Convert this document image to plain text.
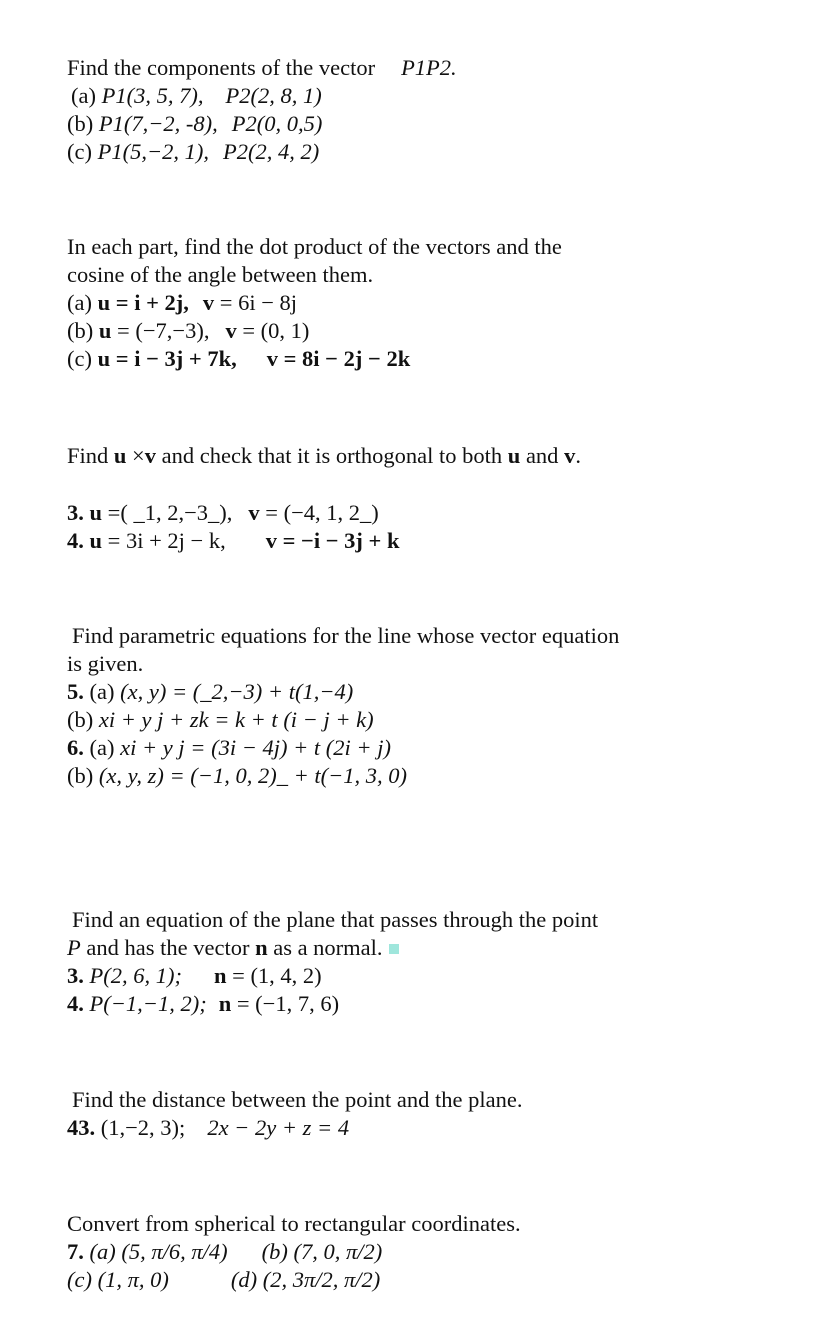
Find the components of the vector P1P2.
(a) P1(3, 5, 7), P2(2, 8, 1)
(b) P1(7,−2, -8), P2(0, 0,5)
(c) P1(5,−2, 1), P2(2, 4, 2)
In each part, find the dot product of the vectors and the
cosine of the angle between them.
(a) u = i + 2j, v = 6i − 8j
(b) u = (−7,−3), v = (0, 1)
(c) u = i − 3j + 7k, v = 8i − 2j − 2k
Find u ×v and check that it is orthogonal to both u and v.
3. u =( _1, 2,−3_), v = (−4, 1, 2_)
4. u = 3i + 2j − k, v = −i − 3j + k
Find parametric equations for the line whose vector equation
is given.
5. (a) (x, y) = (_2,−3) + t(1,−4)
(b) xi + y j + zk = k + t (i − j + k)
6. (a) xi + y j = (3i − 4j) + t (2i + j)
(b) (x, y, z) = (−1, 0, 2)_ + t(−1, 3, 0)
Find an equation of the plane that passes through the point
P and has the vector n as a normal.
3. P(2, 6, 1); n = (1, 4, 2)
4. P(−1,−1, 2); n = (−1, 7, 6)
Find the distance between the point and the plane.
43. (1,−2, 3); 2x − 2y + z = 4
Convert from spherical to rectangular coordinates.
7. (a) (5, π/6, π/4) (b) (7, 0, π/2)
(c) (1, π, 0)	(d) (2, 3π/2, π/2)
